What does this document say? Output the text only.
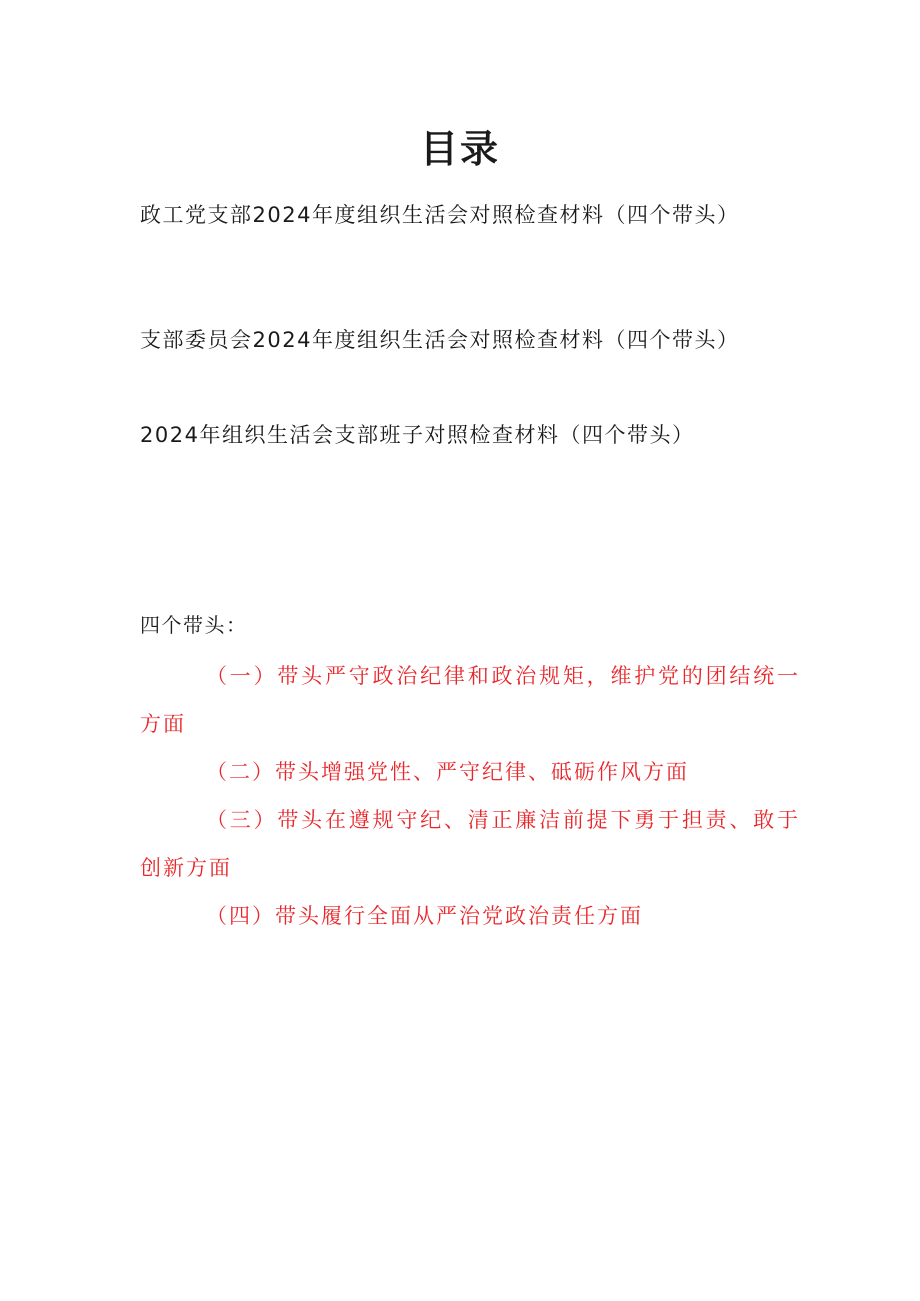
目录
政工党支部2024年度组织生活会对照检查材料（四个带头）
支部委员会2024年度组织生活会对照检查材料（四个带头）
2024年组织生活会支部班子对照检查材料（四个带头）
四个带头：

（一）带头严守政治纪律和政治规矩，维护党的团结统一方面

（二）带头增强党性、严守纪律、砥砺作风方面

（三）带头在遵规守纪、清正廉洁前提下勇于担责、敢于创新方面

（四）带头履行全面从严治党政治责任方面
